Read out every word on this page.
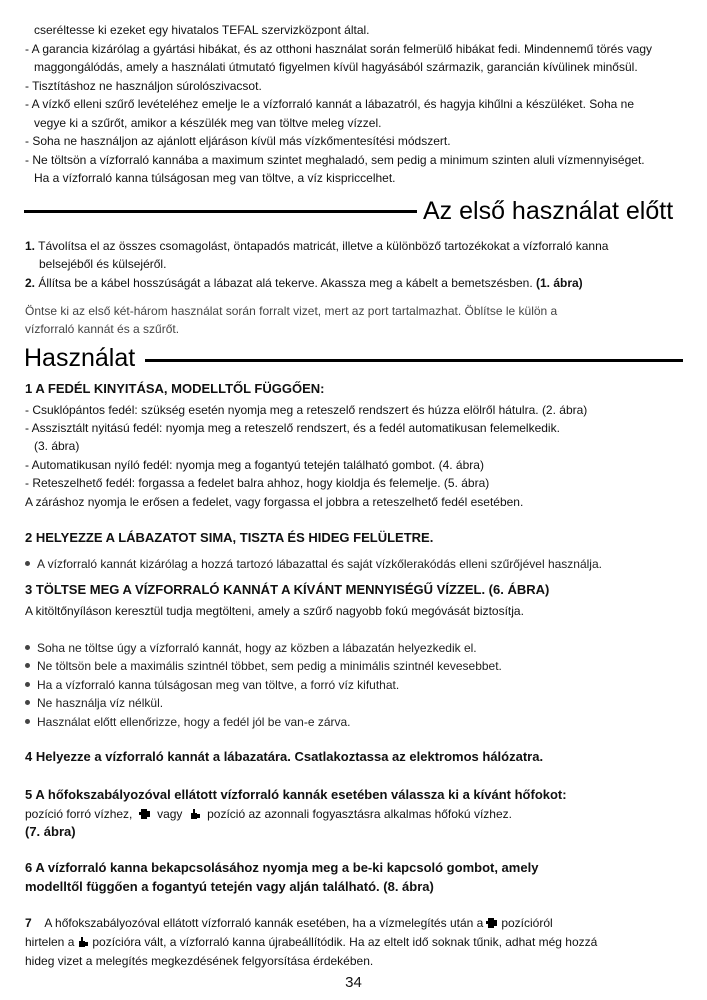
cseréltesse ki ezeket egy hivatalos TEFAL szervizközpont által.
- A garancia kizárólag a gyártási hibákat, és az otthoni használat során felmerülő hibákat fedi. Mindennemű törés vagy
maggongálódás, amely a használati útmutató figyelmen kívül hagyásából származik, garancián kívülinek minősül.
- Tisztításhoz ne használjon súrolószivacsot.
- A vízkő elleni szűrő levételéhez emelje le a vízforraló kannát a lábazatról, és hagyja kihűlni a készüléket. Soha ne
vegye ki a szűrőt, amikor a készülék meg van töltve meleg vízzel.
- Soha ne használjon az ajánlott eljáráson kívül más vízkőmentesítési módszert.
- Ne töltsön a vízforraló kannába a maximum szintet meghaladó, sem pedig a minimum szinten aluli vízmennyiséget.
Ha a vízforraló kanna túlságosan meg van töltve, a víz kispriccelhet.
Az első használat előtt
1. Távolítsa el az összes csomagolást, öntapadós matricát, illetve a különböző tartozékokat a vízforraló kanna
belsejéből és külsejéről.
2. Állítsa be a kábel hosszúságát a lábazat alá tekerve. Akassza meg a kábelt a bemetszésben. (1. ábra)
Öntse ki az első két-három használat során forralt vizet, mert az port tartalmazhat. Öblítse le külön a
vízforraló kannát és a szűrőt.
Használat
1 A FEDÉL KINYITÁSA, MODELLTŐL FÜGGŐEN:
- Csuklópántos fedél: szükség esetén nyomja meg a reteszelő rendszert és húzza elölről hátulra. (2. ábra)
- Asszisztált nyitású fedél: nyomja meg a reteszelő rendszert, és a fedél automatikusan felemelkedik.
(3. ábra)
- Automatikusan nyíló fedél: nyomja meg a fogantyú tetején található gombot. (4. ábra)
- Reteszelhető fedél: forgassa a fedelet balra ahhoz, hogy kioldja és felemelje. (5. ábra)
A záráshoz nyomja le erősen a fedelet, vagy forgassa el jobbra a reteszelhető fedél esetében.
2 HELYEZZE A LÁBAZATOT SIMA, TISZTA ÉS HIDEG FELÜLETRE.
A vízforraló kannát kizárólag a hozzá tartozó lábazattal és saját vízkőlerakódás elleni szűrőjével használja.
3 TÖLTSE MEG A VÍZFORRALÓ KANNÁT A KÍVÁNT MENNYISÉGŰ VÍZZEL. (6. ÁBRA)
A kitöltőnyíláson keresztül tudja megtölteni, amely a szűrő nagyobb fokú megóvását biztosítja.
Soha ne töltse úgy a vízforraló kannát, hogy az közben a lábazatán helyezkedik el.
Ne töltsön bele a maximális szintnél többet, sem pedig a minimális szintnél kevesebbet.
Ha a vízforraló kanna túlságosan meg van töltve, a forró víz kifuthat.
Ne használja víz nélkül.
Használat előtt ellenőrizze, hogy a fedél jól be van-e zárva.
4 Helyezze a vízforraló kannát a lábazatára. Csatlakoztassa az elektromos hálózatra.
5 A hőfokszabályozóval ellátott vízforraló kannák esetében válassza ki a kívánt hőfokot:
pozíció forró vízhez, vagy pozíció az azonnali fogyasztásra alkalmas hőfokú vízhez.
(7. ábra)
6 A vízforraló kanna bekapcsolásához nyomja meg a be-ki kapcsoló gombot, amely
modelltől függően a fogantyú tetején vagy alján található. (8. ábra)
7 A hőfokszabályozóval ellátott vízforraló kannák esetében, ha a vízmelegítés után a pozícióról
hirtelen a pozícióra vált, a vízforraló kanna újrabeállítódik. Ha az eltelt idő soknak tűnik, adhat még hozzá
hideg vizet a melegítés megkezdésének felgyorsítása érdekében.
34
